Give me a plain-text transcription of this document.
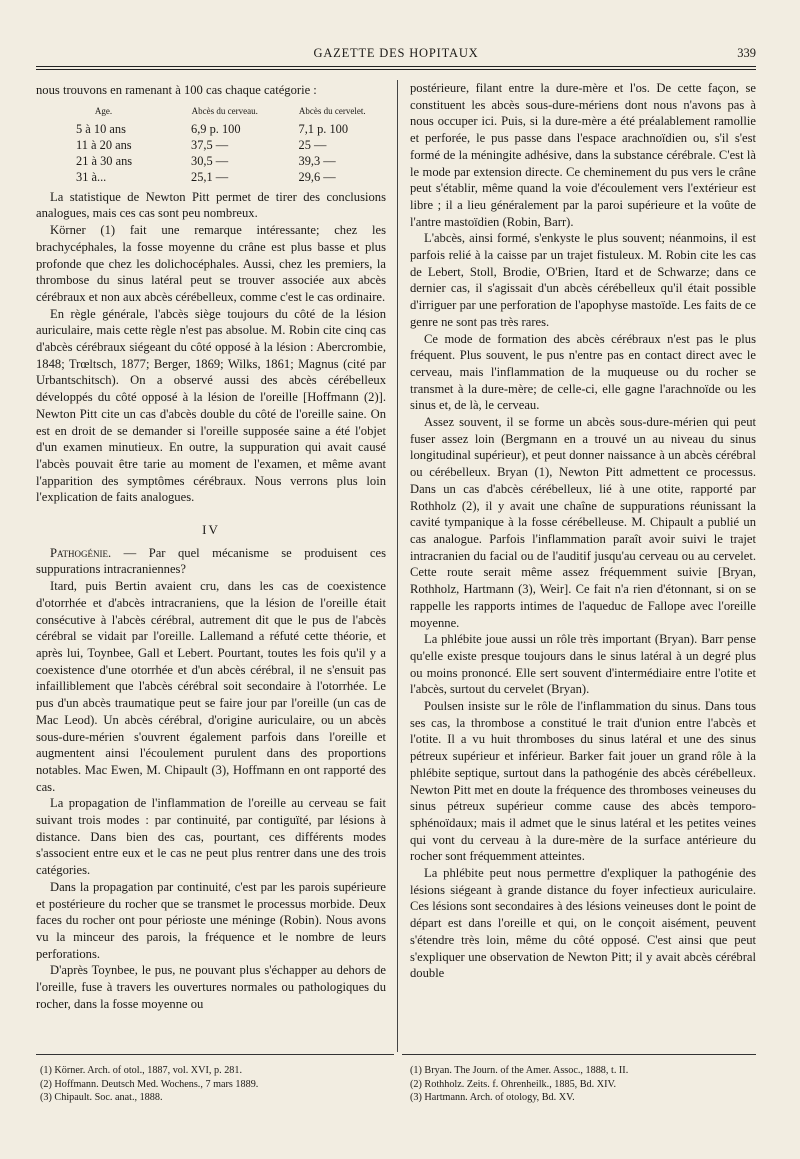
GAZETTE DES HOPITAUX	339

nous trouvons en ramenant à 100 cas chaque catégorie :

Age.	Abcès du cerveau.	Abcès du cervelet.
5 à 10 ans	6,9 p. 100	7,1 p. 100
11 à 20 ans	37,5 —	25 —
21 à 30 ans	30,5 —	39,3 —
31 à...	25,1 —	29,6 —

La statistique de Newton Pitt permet de tirer des conclusions analogues, mais ces cas sont peu nombreux.

Körner (1) fait une remarque intéressante; chez les brachycéphales, la fosse moyenne du crâne est plus basse et plus profonde que chez les dolichocéphales. Aussi, chez les premiers, la thrombose du sinus latéral peut se trouver associée aux abcès cérébraux et non aux abcès cérébelleux, comme c'est le cas ordinaire.

En règle générale, l'abcès siège toujours du côté de la lésion auriculaire, mais cette règle n'est pas absolue. M. Robin cite cinq cas d'abcès cérébraux siégeant du côté opposé à la lésion : Abercrombie, 1848; Trœltsch, 1877; Berger, 1869; Wilks, 1861; Magnus (cité par Urbantschitsch). On a observé aussi des abcès cérébelleux développés du côté opposé à la lésion de l'oreille [Hoffmann (2)]. Newton Pitt cite un cas d'abcès double du côté de l'oreille saine. On est en droit de se demander si l'oreille supposée saine a été l'objet d'un examen minutieux. En outre, la suppuration qui avait causé l'abcès pouvait être tarie au moment de l'examen, et même avant l'apparition des symptômes cérébraux. Nous verrons plus loin l'explication de faits analogues.

IV

Pathogénie. — Par quel mécanisme se produisent ces suppurations intracraniennes?

Itard, puis Bertin avaient cru, dans les cas de coexistence d'otorrhée et d'abcès intracraniens, que la lésion de l'oreille était consécutive à l'abcès cérébral, autrement dit que le pus de l'abcès cérébral se vidait par l'oreille. Lallemand a réfuté cette théorie, et après lui, Toynbee, Gall et Lebert. Pourtant, toutes les fois qu'il y a coexistence d'une otorrhée et d'un abcès cérébral, il ne s'ensuit pas infailliblement que l'abcès cérébral soit secondaire à l'otorrhée. Le pus d'un abcès traumatique peut se faire jour par l'oreille (un cas de Mac Leod). Un abcès cérébral, d'origine auriculaire, ou un abcès sous-dure-mérien s'ouvrent également parfois dans l'oreille et augmentent ainsi l'écoulement purulent dans des proportions notables. Mac Ewen, M. Chipault (3), Hoffmann en ont rapporté des cas.

La propagation de l'inflammation de l'oreille au cerveau se fait suivant trois modes : par continuité, par contiguïté, par lésions à distance. Dans bien des cas, pourtant, ces différents modes s'associent entre eux et le cas ne peut plus rentrer dans une des trois catégories.

Dans la propagation par continuité, c'est par les parois supérieure et postérieure du rocher que se transmet le processus morbide. Deux faces du rocher ont pour périoste une méninge (Robin). Nous avons vu la minceur des parois, la fréquence et le nombre de leurs perforations.

D'après Toynbee, le pus, ne pouvant plus s'échapper au dehors de l'oreille, fuse à travers les ouvertures normales ou pathologiques du rocher, dans la fosse moyenne ou

postérieure, filant entre la dure-mère et l'os. De cette façon, se constituent les abcès sous-dure-mériens dont nous n'avons pas à nous occuper ici. Puis, si la dure-mère a été préalablement ramollie et perforée, le pus passe dans l'espace arachnoïdien ou, s'il s'est formé de la méningite adhésive, dans la substance cérébrale. C'est là le mode par extension directe. Ce cheminement du pus vers le crâne peut s'établir, même quand la voie d'écoulement vers l'extérieur est libre ; il a lieu généralement par la paroi supérieure et la voûte de l'antre mastoïdien (Robin, Barr).

L'abcès, ainsi formé, s'enkyste le plus souvent; néanmoins, il est parfois relié à la caisse par un trajet fistuleux. M. Robin cite les cas de Lebert, Stoll, Brodie, O'Brien, Itard et de Schwarze; dans ce dernier cas, il s'agissait d'un abcès cérébelleux qu'il était possible d'irriguer par une perforation de l'apophyse mastoïde. Les faits de ce genre ne sont pas très rares.

Ce mode de formation des abcès cérébraux n'est pas le plus fréquent. Plus souvent, le pus n'entre pas en contact direct avec le cerveau, mais l'inflammation de la muqueuse ou du rocher se transmet à la dure-mère; de celle-ci, elle gagne l'arachnoïde ou les sinus et, de là, le cerveau.

Assez souvent, il se forme un abcès sous-dure-mérien qui peut fuser assez loin (Bergmann en a trouvé un au niveau du sinus longitudinal supérieur), et peut donner naissance à un abcès cérébral ou cérébelleux. Bryan (1), Newton Pitt admettent ce processus. Dans un cas d'abcès cérébelleux, lié à une otite, rapporté par Rothholz (2), il y avait une chaîne de suppurations réunissant la cavité tympanique à la fosse cérébelleuse. M. Chipault a publié un cas analogue. Parfois l'inflammation paraît avoir suivi le trajet intracranien du facial ou de l'auditif jusqu'au cerveau ou au cervelet. Cette route serait même assez fréquemment suivie [Bryan, Rothholz, Hartmann (3), Weir]. Ce fait n'a rien d'étonnant, si on se rappelle les rapports intimes de l'aqueduc de Fallope avec l'oreille moyenne.

La phlébite joue aussi un rôle très important (Bryan). Barr pense qu'elle existe presque toujours dans le sinus latéral à un degré plus ou moins prononcé. Elle sert souvent d'intermédiaire entre l'otite et l'abcès, surtout du cervelet (Bryan).

Poulsen insiste sur le rôle de l'inflammation du sinus. Dans tous ses cas, la thrombose a constitué le trait d'union entre l'abcès et l'otite. Il a vu huit thromboses du sinus latéral et une des sinus pétreux supérieur et inférieur. Barker fait jouer un grand rôle à la phlébite septique, surtout dans la pathogénie des abcès cérébelleux. Newton Pitt met en doute la fréquence des thromboses veineuses du sinus pétreux supérieur comme cause des abcès temporo-sphénoïdaux; mais il admet que le sinus latéral et les petites veines qui vont du cerveau à la dure-mère de la surface antérieure du rocher sont fréquemment atteintes.

La phlébite peut nous permettre d'expliquer la pathogénie des lésions siégeant à grande distance du foyer infectieux auriculaire. Ces lésions sont secondaires à des lésions veineuses dont le point de départ est dans l'oreille et qui, on le conçoit aisément, peuvent s'étendre très loin, même du côté opposé. C'est ainsi que peut s'expliquer une observation de Newton Pitt; il y avait abcès cérébral double

(1) Körner. Arch. of otol., 1887, vol. XVI, p. 281.
(2) Hoffmann. Deutsch Med. Wochens., 7 mars 1889.
(3) Chipault. Soc. anat., 1888.
(1) Bryan. The Journ. of the Amer. Assoc., 1888, t. II.
(2) Rothholz. Zeits. f. Ohrenheilk., 1885, Bd. XIV.
(3) Hartmann. Arch. of otology, Bd. XV.
